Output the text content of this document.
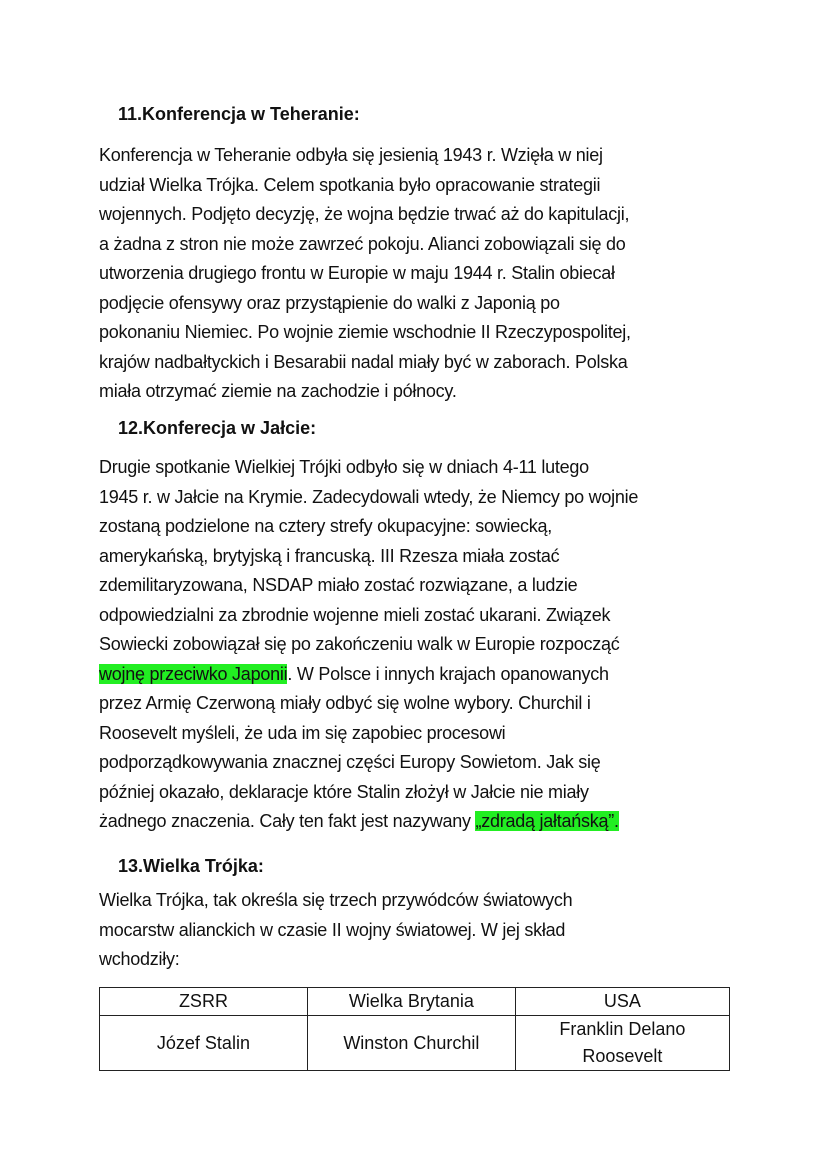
11.Konferencja w Teheranie:
Konferencja w Teheranie odbyła się jesienią 1943 r. Wzięła w niej
udział Wielka Trójka. Celem spotkania było opracowanie strategii
wojennych. Podjęto decyzję, że wojna będzie trwać aż do kapitulacji,
a żadna z stron nie może zawrzeć pokoju. Alianci zobowiązali się do
utworzenia drugiego frontu w Europie w maju 1944 r. Stalin obiecał
podjęcie ofensywy oraz przystąpienie do walki z Japonią po
pokonaniu Niemiec. Po wojnie ziemie wschodnie II Rzeczypospolitej,
krajów nadbałtyckich i Besarabii nadal miały być w zaborach. Polska
miała otrzymać ziemie na zachodzie i północy.
12.Konferecja w Jałcie:
Drugie spotkanie Wielkiej Trójki odbyło się w dniach 4-11 lutego
1945 r. w Jałcie na Krymie. Zadecydowali wtedy, że Niemcy po wojnie
zostaną podzielone na cztery strefy okupacyjne: sowiecką,
amerykańską, brytyjską i francuską. III Rzesza miała zostać
zdemilitaryzowana, NSDAP miało zostać rozwiązane, a ludzie
odpowiedzialni za zbrodnie wojenne mieli zostać ukarani. Związek
Sowiecki zobowiązał się po zakończeniu walk w Europie rozpocząć
wojnę przeciwko Japonii. W Polsce i innych krajach opanowanych
przez Armię Czerwoną miały odbyć się wolne wybory. Churchil i
Roosevelt myśleli, że uda im się zapobiec procesowi
podporządkowywania znacznej części Europy Sowietom. Jak się
później okazało, deklaracje które Stalin złożył w Jałcie nie miały
żadnego znaczenia. Cały ten fakt jest nazywany „zdradą jałtańską”.
13.Wielka Trójka:
Wielka Trójka, tak określa się trzech przywódców światowych
mocarstw alianckich w czasie II wojny światowej. W jej skład
wchodziły:
ZSRR	Wielka Brytania	USA
Józef Stalin	Winston Churchil	Franklin Delano Roosevelt
